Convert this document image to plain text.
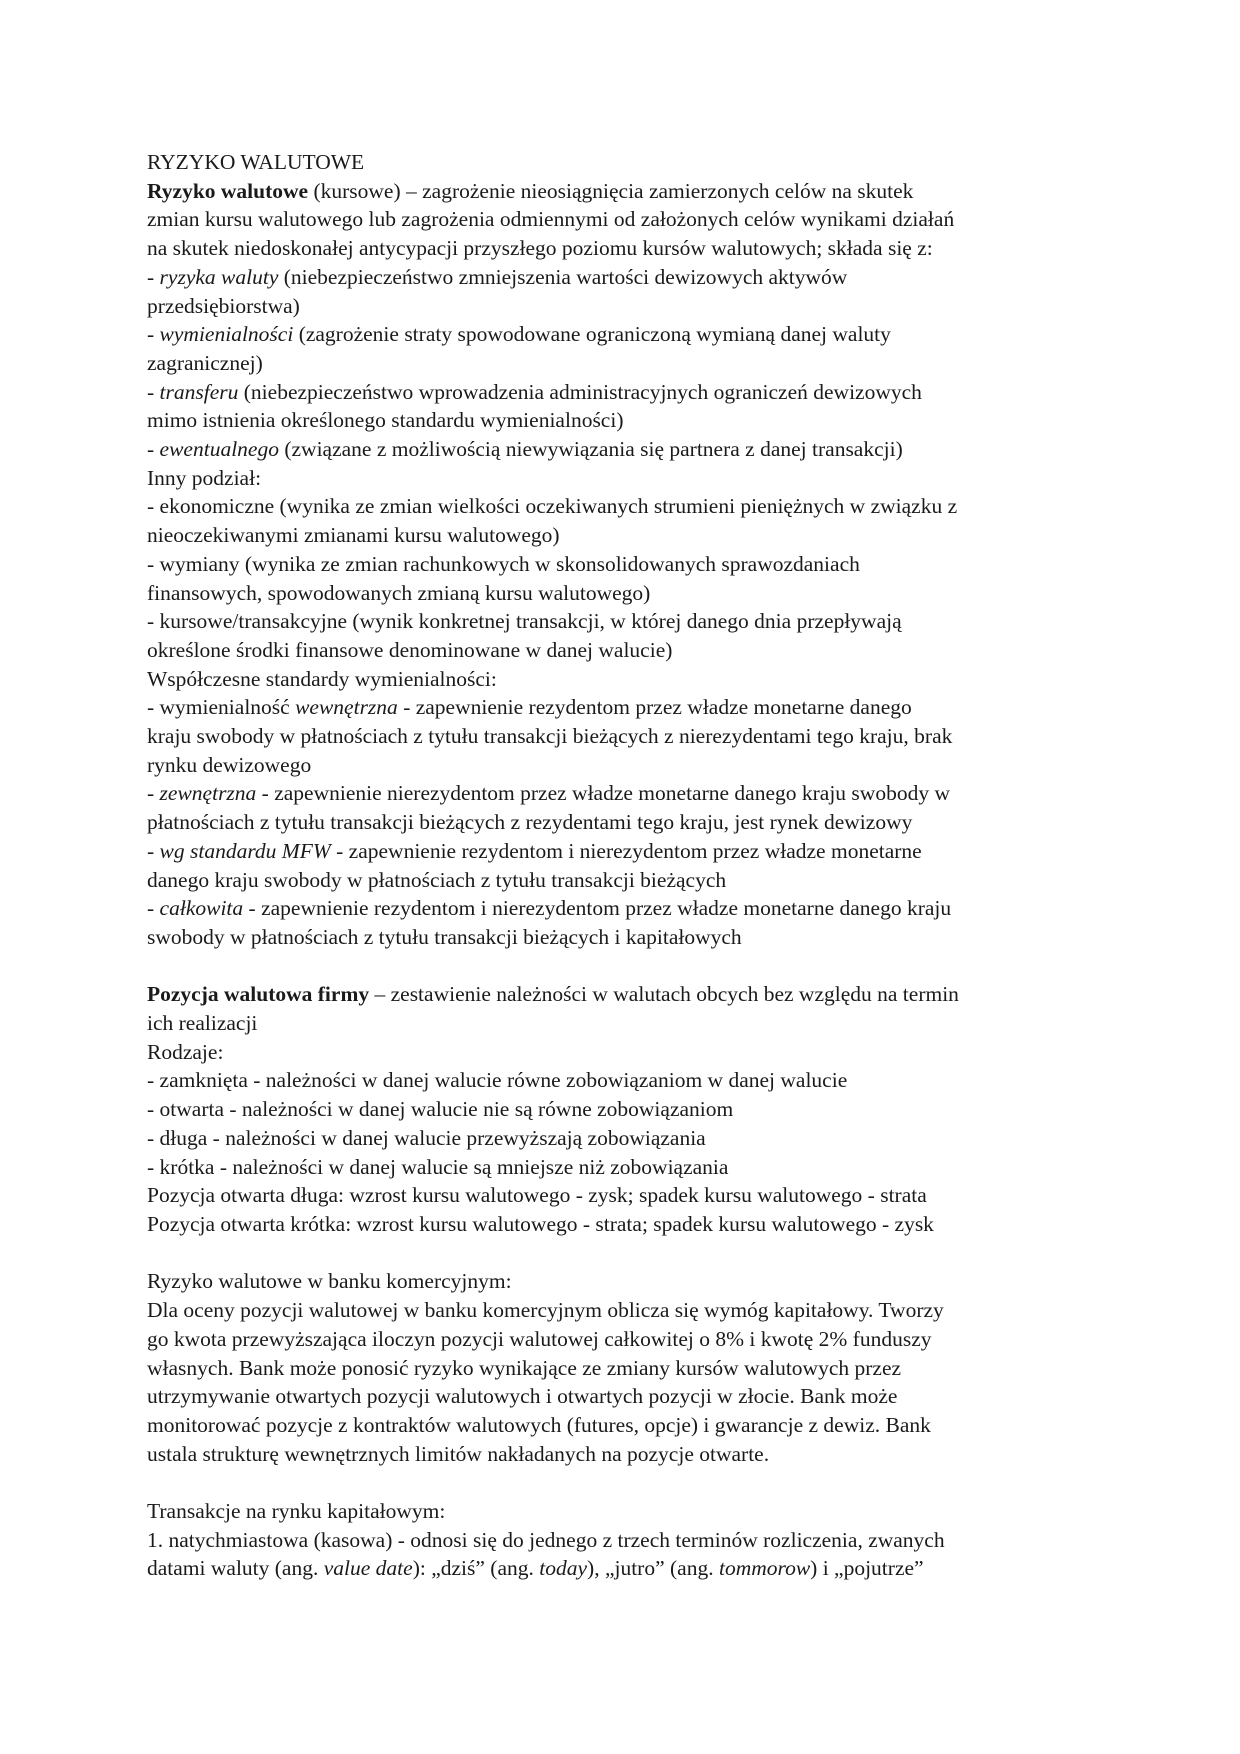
RYZYKO WALUTOWE
Ryzyko walutowe (kursowe) – zagrożenie nieosiągnięcia zamierzonych celów na skutek
zmian kursu walutowego lub zagrożenia odmiennymi od założonych celów wynikami działań
na skutek niedoskonałej antycypacji przyszłego poziomu kursów walutowych; składa się z:
- ryzyka waluty (niebezpieczeństwo zmniejszenia wartości dewizowych aktywów
przedsiębiorstwa)
- wymienialności (zagrożenie straty spowodowane ograniczoną wymianą danej waluty
zagranicznej)
- transferu (niebezpieczeństwo wprowadzenia administracyjnych ograniczeń dewizowych
mimo istnienia określonego standardu wymienialności)
- ewentualnego (związane z możliwością niewywiązania się partnera z danej transakcji)
Inny podział:
- ekonomiczne (wynika ze zmian wielkości oczekiwanych strumieni pieniężnych w związku z
nieoczekiwanymi zmianami kursu walutowego)
- wymiany (wynika ze zmian rachunkowych w skonsolidowanych sprawozdaniach
finansowych, spowodowanych zmianą kursu walutowego)
- kursowe/transakcyjne (wynik konkretnej transakcji, w której danego dnia przepływają
określone środki finansowe denominowane w danej walucie)
Współczesne standardy wymienialności:
- wymienialność wewnętrzna - zapewnienie rezydentom przez władze monetarne danego
kraju swobody w płatnościach z tytułu transakcji bieżących z nierezydentami tego kraju, brak
rynku dewizowego
- zewnętrzna - zapewnienie nierezydentom przez władze monetarne danego kraju swobody w
płatnościach z tytułu transakcji bieżących z rezydentami tego kraju, jest rynek dewizowy
- wg standardu MFW - zapewnienie rezydentom i nierezydentom przez władze monetarne
danego kraju swobody w płatnościach z tytułu transakcji bieżących
- całkowita - zapewnienie rezydentom i nierezydentom przez władze monetarne danego kraju
swobody w płatnościach z tytułu transakcji bieżących i kapitałowych
Pozycja walutowa firmy – zestawienie należności w walutach obcych bez względu na termin
ich realizacji
Rodzaje:
- zamknięta - należności w danej walucie równe zobowiązaniom w danej walucie
- otwarta - należności w danej walucie nie są równe zobowiązaniom
- długa - należności w danej walucie przewyższają zobowiązania
- krótka - należności w danej walucie są mniejsze niż zobowiązania
Pozycja otwarta długa: wzrost kursu walutowego - zysk; spadek kursu walutowego - strata
Pozycja otwarta krótka: wzrost kursu walutowego - strata; spadek kursu walutowego - zysk
Ryzyko walutowe w banku komercyjnym:
Dla oceny pozycji walutowej w banku komercyjnym oblicza się wymóg kapitałowy. Tworzy
go kwota przewyższająca iloczyn pozycji walutowej całkowitej o 8% i kwotę 2% funduszy
własnych. Bank może ponosić ryzyko wynikające ze zmiany kursów walutowych przez
utrzymywanie otwartych pozycji walutowych i otwartych pozycji w złocie. Bank może
monitorować pozycje z kontraktów walutowych (futures, opcje) i gwarancje z dewiz. Bank
ustala strukturę wewnętrznych limitów nakładanych na pozycje otwarte.
Transakcje na rynku kapitałowym:
1. natychmiastowa (kasowa) - odnosi się do jednego z trzech terminów rozliczenia, zwanych
datami waluty (ang. value date): „dziś” (ang. today), „jutro” (ang. tommorow) i „pojutrze”
